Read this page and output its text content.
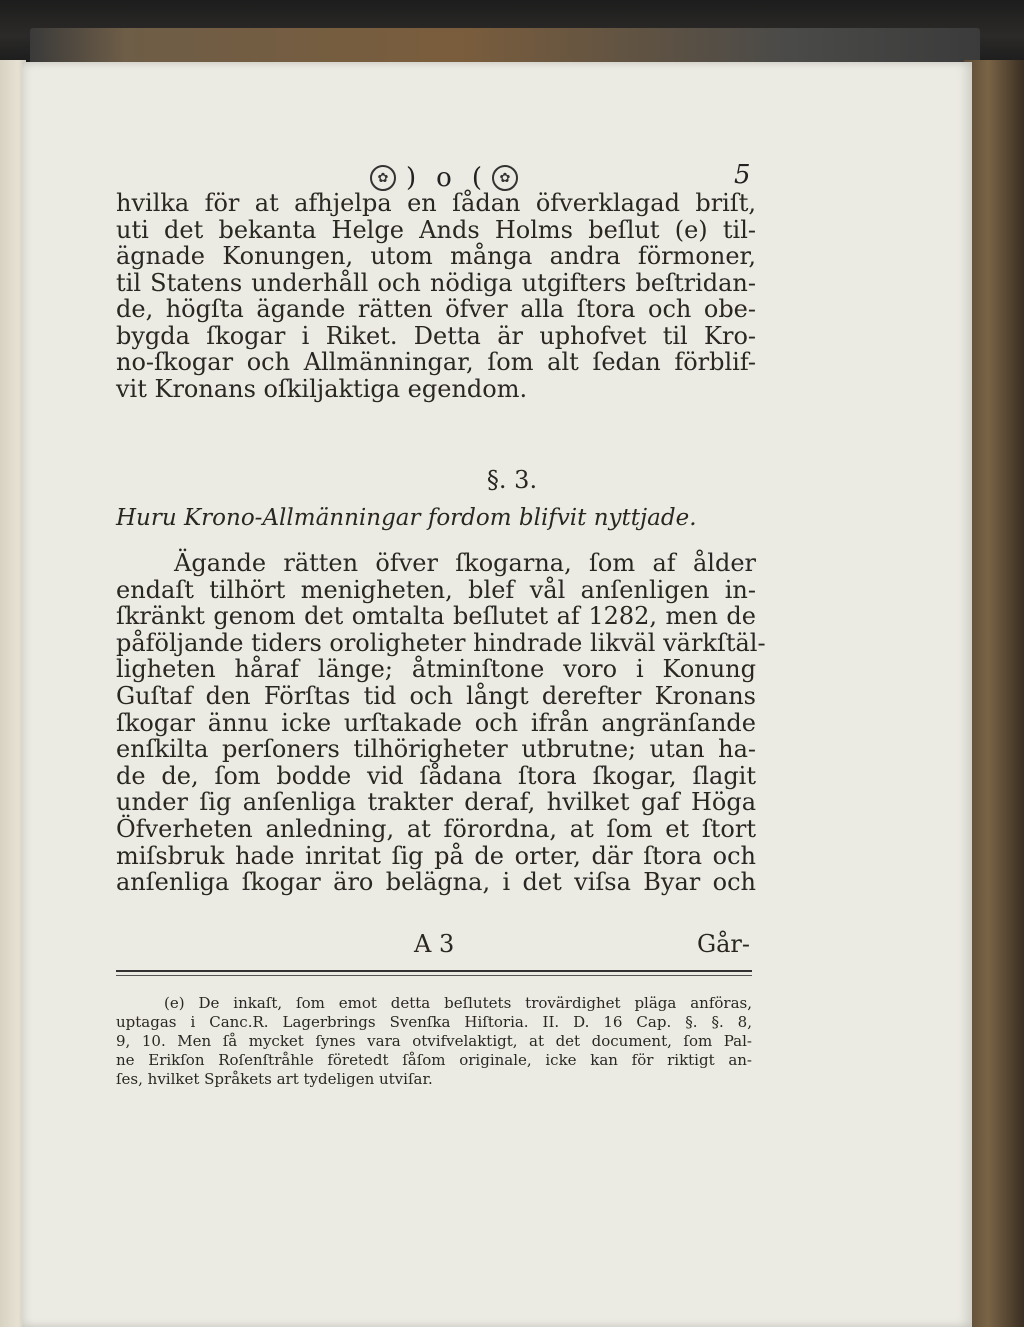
✿ ) o (	✿	5
hvilka för at afhjelpa en ſådan öfverklagad briſt,
uti det bekanta Helge Ands Holms beſlut (e) til-
ägnade Konungen, utom många andra förmoner,
til Statens underhåll och nödiga utgifters beſtridan-
de, högſta ägande rätten öfver alla ſtora och obe-
bygda ſkogar i Riket. Detta är uphofvet til Kro-
no-ſkogar och Allmänningar, ſom alt ſedan förblif-
vit Kronans oſkiljaktiga egendom.
§. 3.
Huru Krono-Allmänningar fordom blifvit nyttjade.
Ägande rätten öfver ſkogarna, ſom af ålder
endaſt tilhört menigheten, blef vål anſenligen in-
ſkränkt genom det omtalta beſlutet af 1282, men de
påföljande tiders oroligheter hindrade likväl värkſtäl-
ligheten håraf länge; åtminſtone voro i Konung
Guſtaf den Förſtas tid och långt derefter Kronans
ſkogar ännu icke urſtakade och ifrån angränſande
enſkilta perſoners tilhörigheter utbrutne; utan ha-
de de, ſom bodde vid ſådana ſtora ſkogar, ſlagit
under ſig anſenliga trakter deraf, hvilket gaf Höga
Öfverheten anledning, at förordna, at ſom et ſtort
miſsbruk hade inritat ſig på de orter, där ſtora och
anſenliga ſkogar äro belägna, i det viſsa Byar och
A 3	Går-
(e) De inkaſt, ſom emot detta beſlutets trovärdighet pläga anföras,
uptagas i Canc.R. Lagerbrings Svenſka Hiſtoria. II. D. 16 Cap. §. §. 8,
9, 10. Men ſå mycket ſynes vara otvifvelaktigt, at det document, ſom Pal-
ne Erikſon Roſenſtråhle företedt ſåſom originale, icke kan för riktigt an-
ſes, hvilket Språkets art tydeligen utviſar.
